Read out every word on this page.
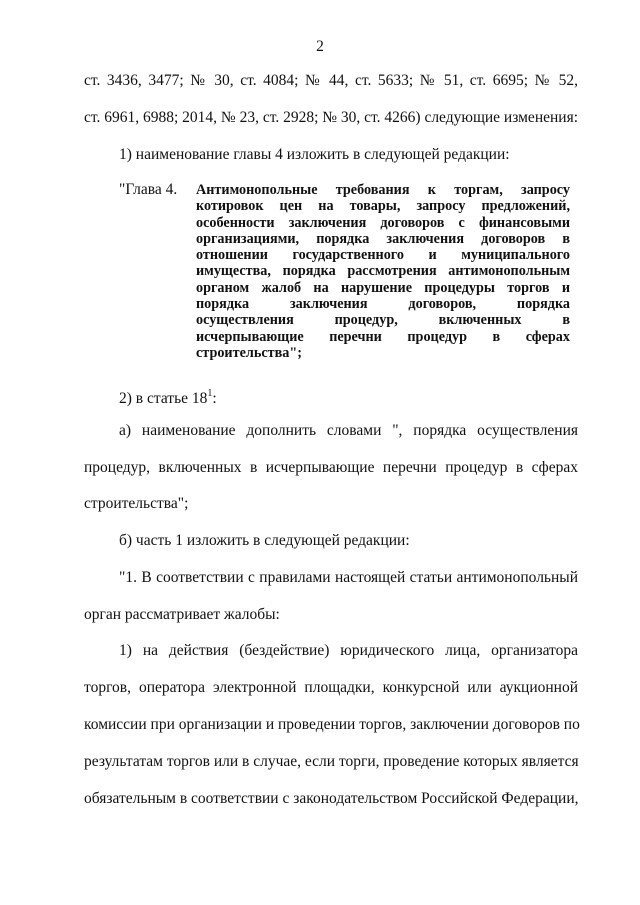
2
ст. 3436, 3477; № 30, ст. 4084; № 44, ст. 5633; № 51, ст. 6695; № 52,
ст. 6961, 6988; 2014, № 23, ст. 2928; № 30, ст. 4266) следующие изменения:
1) наименование главы 4 изложить в следующей редакции:
"Глава 4. Антимонопольные требования к торгам, запросу
котировок цен на товары, запросу предложений,
особенности заключения договоров с финансовыми
организациями, порядка заключения договоров в
отношении государственного и муниципального
имущества, порядка рассмотрения антимонопольным
органом жалоб на нарушение процедуры торгов и
порядка заключения договоров, порядка
осуществления процедур, включенных в
исчерпывающие перечни процедур в сферах
строительства";
2) в статье $18^1$:
а) наименование дополнить словами ", порядка осуществления
процедур, включенных в исчерпывающие перечни процедур в сферах
строительства";
б) часть 1 изложить в следующей редакции:
"1. В соответствии с правилами настоящей статьи антимонопольный
орган рассматривает жалобы:
1) на действия (бездействие) юридического лица, организатора
торгов, оператора электронной площадки, конкурсной или аукционной
комиссии при организации и проведении торгов, заключении договоров по
результатам торгов или в случае, если торги, проведение которых является
обязательным в соответствии с законодательством Российской Федерации,
